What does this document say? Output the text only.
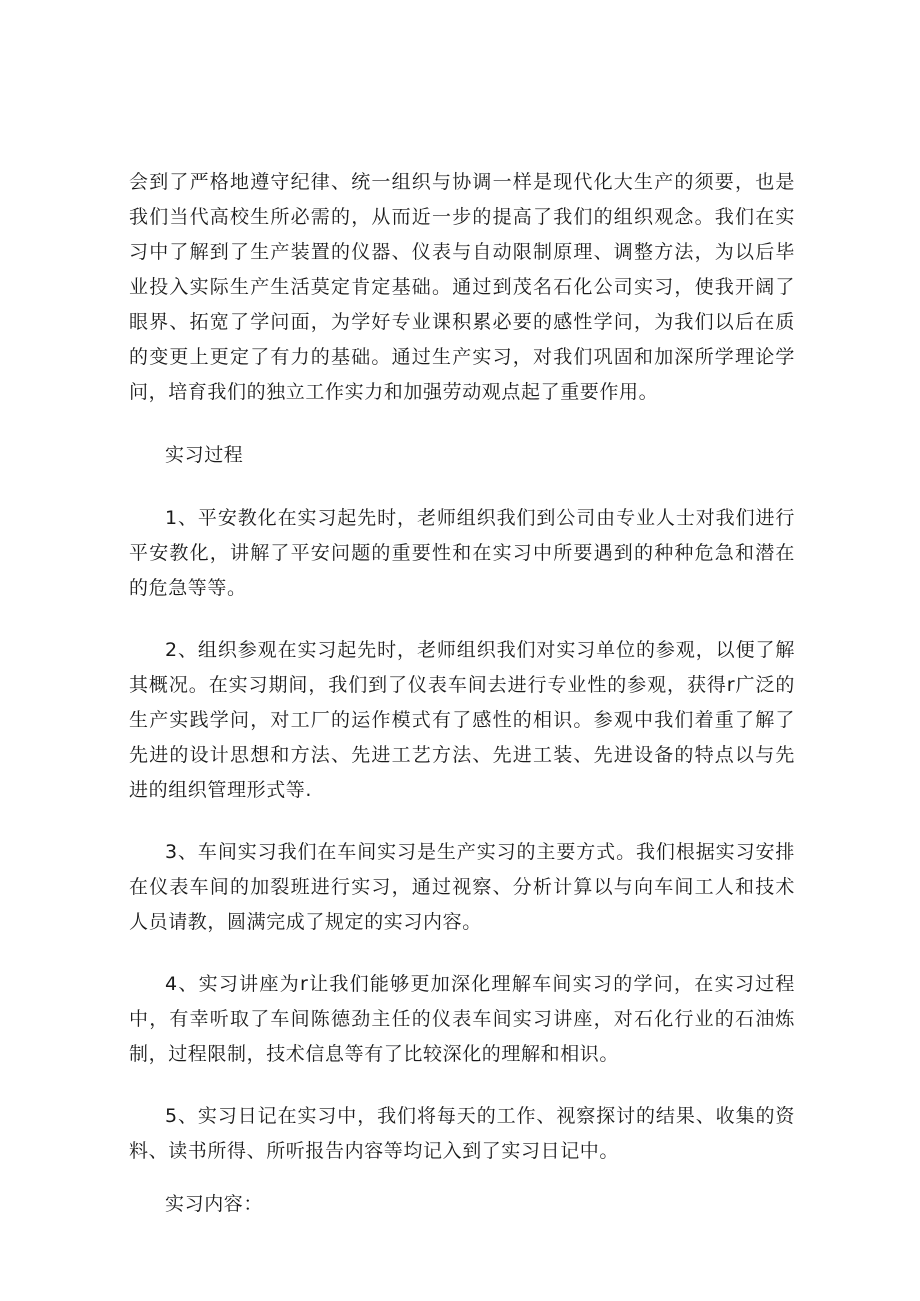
会到了严格地遵守纪律、统一组织与协调一样是现代化大生产的须要，也是我们当代高校生所必需的，从而近一步的提高了我们的组织观念。我们在实习中了解到了生产装置的仪器、仪表与自动限制原理、调整方法，为以后毕业投入实际生产生活莫定肯定基础。通过到茂名石化公司实习，使我开阔了眼界、拓宽了学问面，为学好专业课积累必要的感性学问，为我们以后在质的变更上更定了有力的基础。通过生产实习，对我们巩固和加深所学理论学问，培育我们的独立工作实力和加强劳动观点起了重要作用。

实习过程

1、平安教化在实习起先时，老师组织我们到公司由专业人士对我们进行平安教化，讲解了平安问题的重要性和在实习中所要遇到的种种危急和潜在的危急等等。

2、组织参观在实习起先时，老师组织我们对实习单位的参观，以便了解其概况。在实习期间，我们到了仪表车间去进行专业性的参观，获得r广泛的生产实践学问，对工厂的运作模式有了感性的相识。参观中我们着重了解了先进的设计思想和方法、先进工艺方法、先进工装、先进设备的特点以与先进的组织管理形式等.

3、车间实习我们在车间实习是生产实习的主要方式。我们根据实习安排在仪表车间的加裂班进行实习，通过视察、分析计算以与向车间工人和技术人员请教，圆满完成了规定的实习内容。

4、实习讲座为r让我们能够更加深化理解车间实习的学问，在实习过程中，有幸听取了车间陈德劲主任的仪表车间实习讲座，对石化行业的石油炼制，过程限制，技术信息等有了比较深化的理解和相识。

5、实习日记在实习中，我们将每天的工作、视察探讨的结果、收集的资料、读书所得、所听报告内容等均记入到了实习日记中。

实习内容：
